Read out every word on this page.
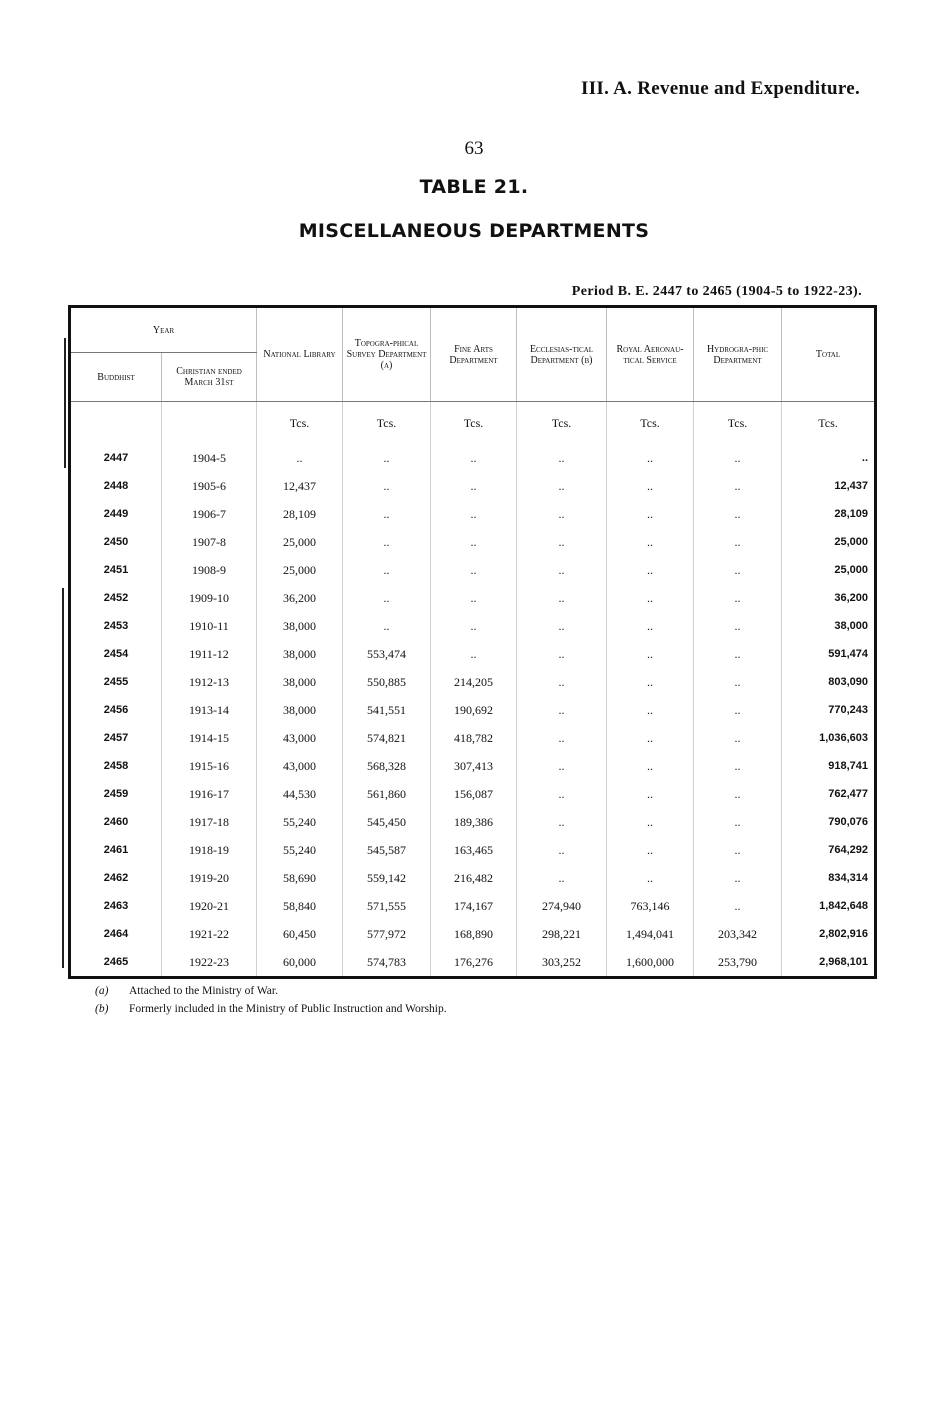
III. A. Revenue and Expenditure.
63
TABLE 21.
MISCELLANEOUS DEPARTMENTS
Period B. E. 2447 to 2465 (1904-5 to 1922-23).
Year		National Library	Topogra-phical Survey Department (a)	Fine Arts Department	Ecclesias-tical Department (b)	Royal Aeronau-tical Service	Hydrogra-phic Department	Total
Buddhist	Christian ended March 31st							
		Tcs.	Tcs.	Tcs.	Tcs.	Tcs.	Tcs.	Tcs.
2447	1904-5	..	..	..	..	..	..	..
2448	1905-6	12,437	..	..	..	..	..	12,437
2449	1906-7	28,109	..	..	..	..	..	28,109
2450	1907-8	25,000	..	..	..	..	..	25,000
2451	1908-9	25,000	..	..	..	..	..	25,000
2452	1909-10	36,200	..	..	..	..	..	36,200
2453	1910-11	38,000	..	..	..	..	..	38,000
2454	1911-12	38,000	553,474	..	..	..	..	591,474
2455	1912-13	38,000	550,885	214,205	..	..	..	803,090
2456	1913-14	38,000	541,551	190,692	..	..	..	770,243
2457	1914-15	43,000	574,821	418,782	..	..	..	1,036,603
2458	1915-16	43,000	568,328	307,413	..	..	..	918,741
2459	1916-17	44,530	561,860	156,087	..	..	..	762,477
2460	1917-18	55,240	545,450	189,386	..	..	..	790,076
2461	1918-19	55,240	545,587	163,465	..	..	..	764,292
2462	1919-20	58,690	559,142	216,482	..	..	..	834,314
2463	1920-21	58,840	571,555	174,167	274,940	763,146	..	1,842,648
2464	1921-22	60,450	577,972	168,890	298,221	1,494,041	203,342	2,802,916
2465	1922-23	60,000	574,783	176,276	303,252	1,600,000	253,790	2,968,101
(a) Attached to the Ministry of War.
(b) Formerly included in the Ministry of Public Instruction and Worship.
